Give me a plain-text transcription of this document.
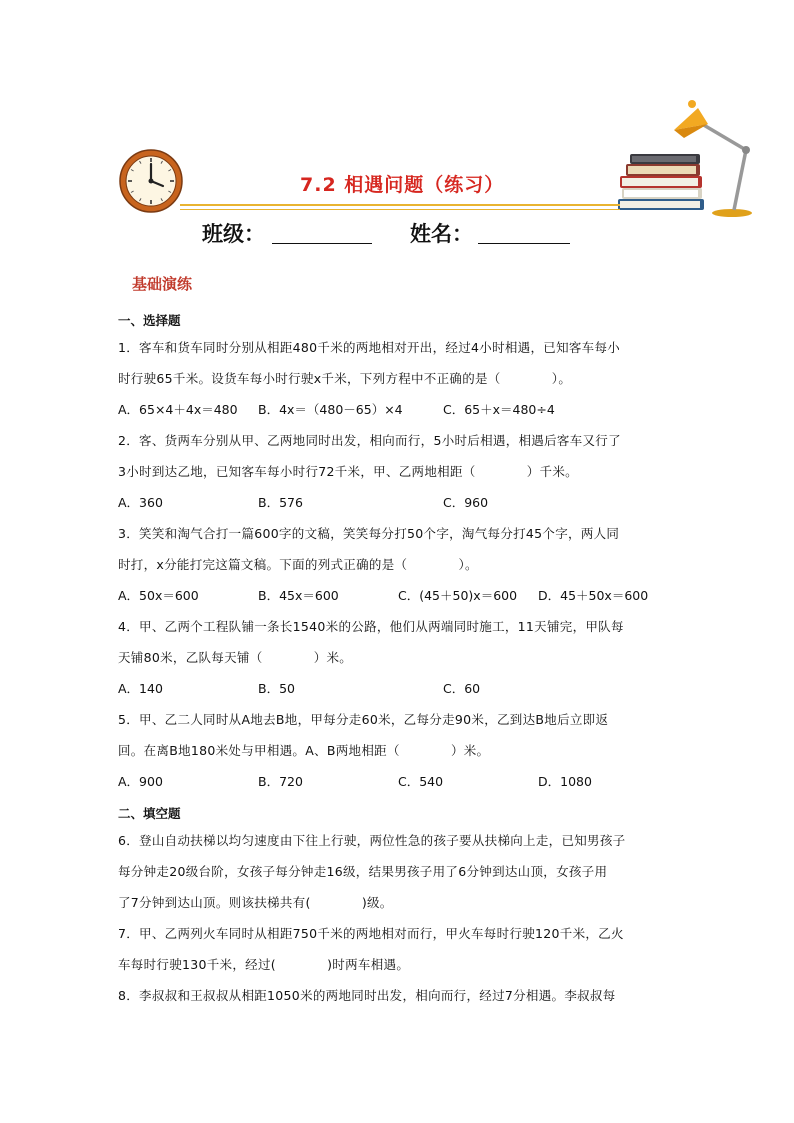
7.2 相遇问题（练习）
班级：	姓名：
基础演练
一、选择题
1．客车和货车同时分别从相距480千米的两地相对开出，经过4小时相遇，已知客车每小
时行驶65千米。设货车每小时行驶x千米，下列方程中不正确的是（　　　　）。
A．65×4＋4x＝480	B．4x＝（480－65）×4	C．65＋x＝480÷4
2．客、货两车分别从甲、乙两地同时出发，相向而行，5小时后相遇，相遇后客车又行了
3小时到达乙地，已知客车每小时行72千米，甲、乙两地相距（　　　　）千米。
A．360	B．576	C．960
3．笑笑和淘气合打一篇600字的文稿，笑笑每分打50个字，淘气每分打45个字，两人同
时打，x分能打完这篇文稿。下面的列式正确的是（　　　　）。
A．50x＝600	B．45x＝600	C．(45＋50)x＝600	D．45＋50x＝600
4．甲、乙两个工程队铺一条长1540米的公路，他们从两端同时施工，11天铺完，甲队每
天铺80米，乙队每天铺（　　　　）米。
A．140	B．50	C．60
5．甲、乙二人同时从A地去B地，甲每分走60米，乙每分走90米，乙到达B地后立即返
回。在离B地180米处与甲相遇。A、B两地相距（　　　　）米。
A．900	B．720	C．540	D．1080
二、填空题
6．登山自动扶梯以均匀速度由下往上行驶，两位性急的孩子要从扶梯向上走，已知男孩子
每分钟走20级台阶，女孩子每分钟走16级，结果男孩子用了6分钟到达山顶，女孩子用
了7分钟到达山顶。则该扶梯共有(　　　　)级。
7．甲、乙两列火车同时从相距750千米的两地相对而行，甲火车每时行驶120千米，乙火
车每时行驶130千米，经过(　　　　)时两车相遇。
8．李叔叔和王叔叔从相距1050米的两地同时出发，相向而行，经过7分相遇。李叔叔每
